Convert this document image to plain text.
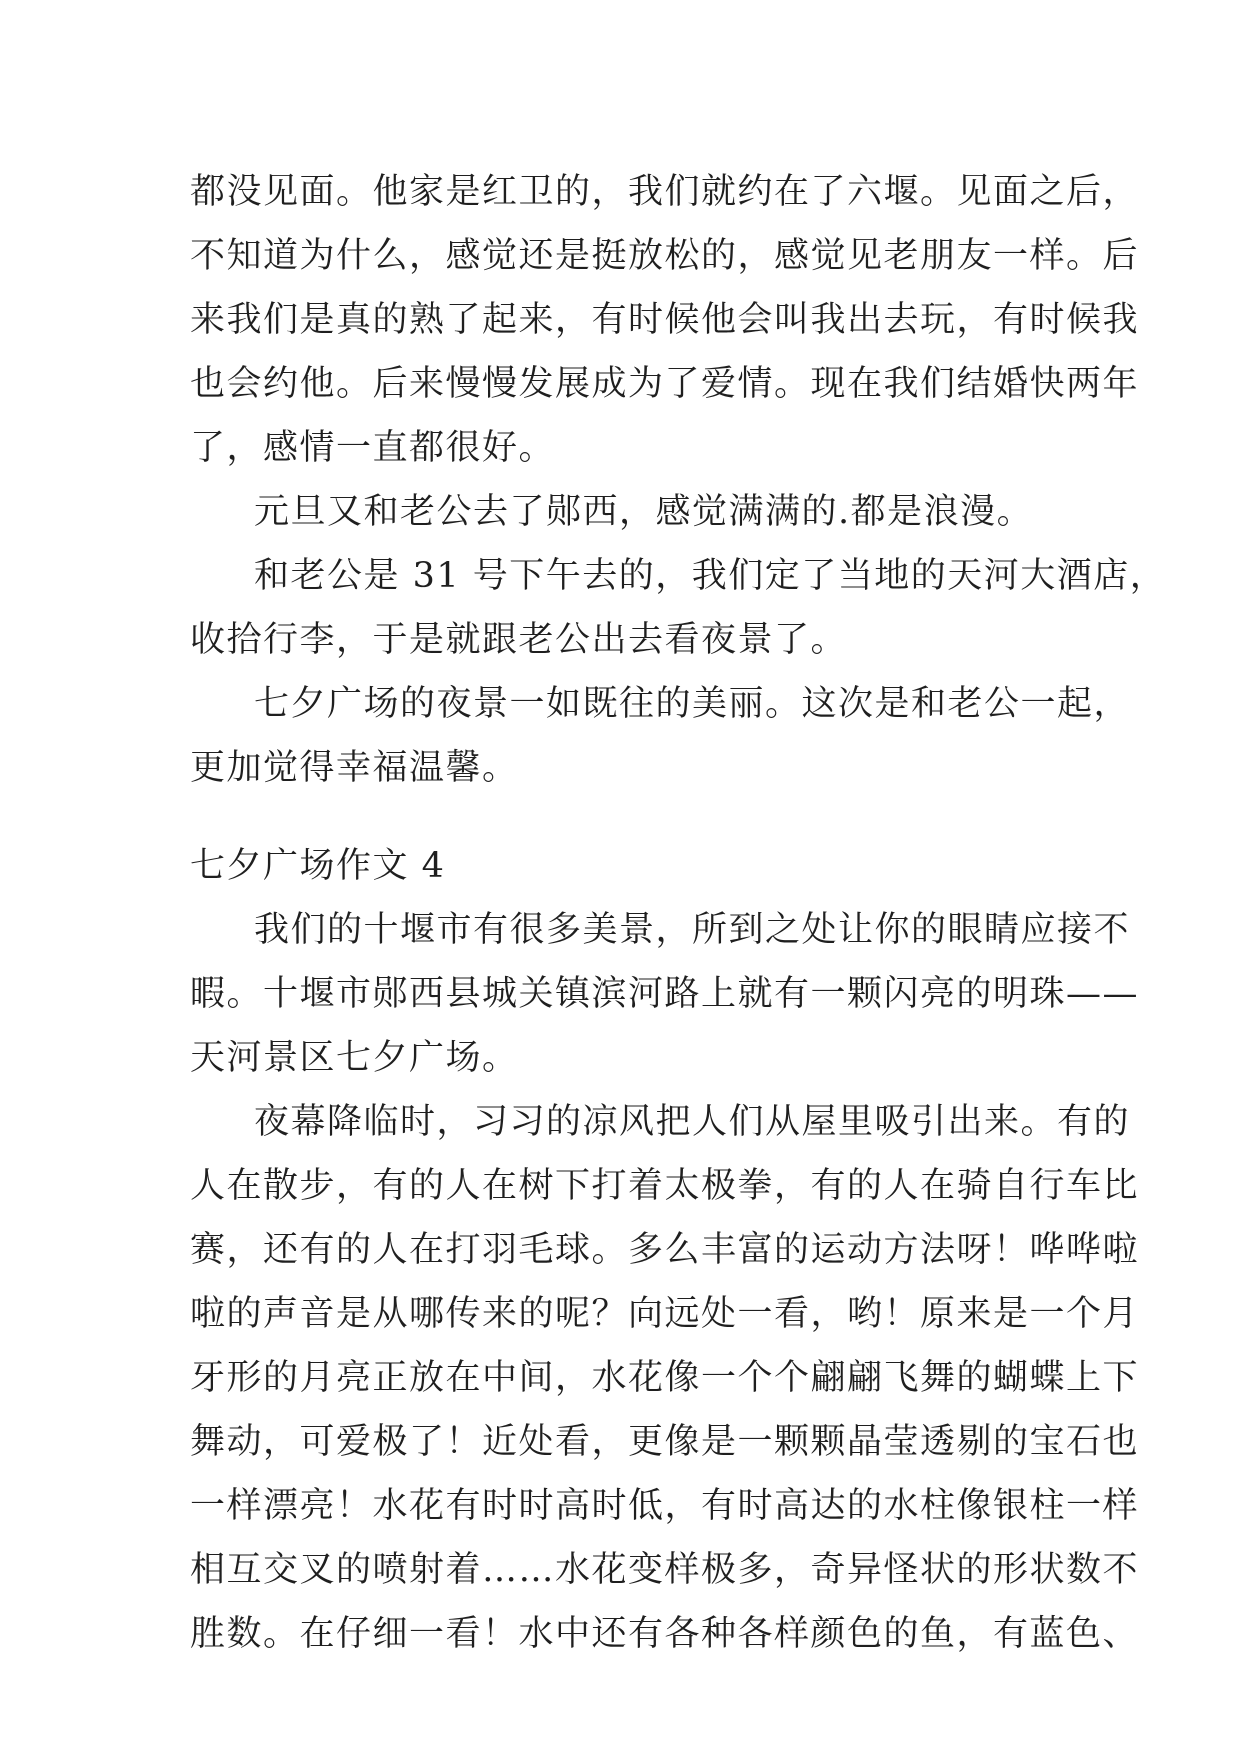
都没见面。他家是红卫的，我们就约在了六堰。见面之后，
不知道为什么，感觉还是挺放松的，感觉见老朋友一样。后
来我们是真的熟了起来，有时候他会叫我出去玩，有时候我
也会约他。后来慢慢发展成为了爱情。现在我们结婚快两年
了，感情一直都很好。
元旦又和老公去了郧西，感觉满满的.都是浪漫。
和老公是 31 号下午去的，我们定了当地的天河大酒店，
收拾行李，于是就跟老公出去看夜景了。
七夕广场的夜景一如既往的美丽。这次是和老公一起，
更加觉得幸福温馨。
七夕广场作文 4
我们的十堰市有很多美景，所到之处让你的眼睛应接不
暇。十堰市郧西县城关镇滨河路上就有一颗闪亮的明珠——
天河景区七夕广场。
夜幕降临时，习习的凉风把人们从屋里吸引出来。有的
人在散步，有的人在树下打着太极拳，有的人在骑自行车比
赛，还有的人在打羽毛球。多么丰富的运动方法呀！哗哗啦
啦的声音是从哪传来的呢？向远处一看，哟！原来是一个月
牙形的月亮正放在中间，水花像一个个翩翩飞舞的蝴蝶上下
舞动，可爱极了！近处看，更像是一颗颗晶莹透剔的宝石也
一样漂亮！水花有时时高时低，有时高达的水柱像银柱一样
相互交叉的喷射着……水花变样极多，奇异怪状的形状数不
胜数。在仔细一看！水中还有各种各样颜色的鱼，有蓝色、
